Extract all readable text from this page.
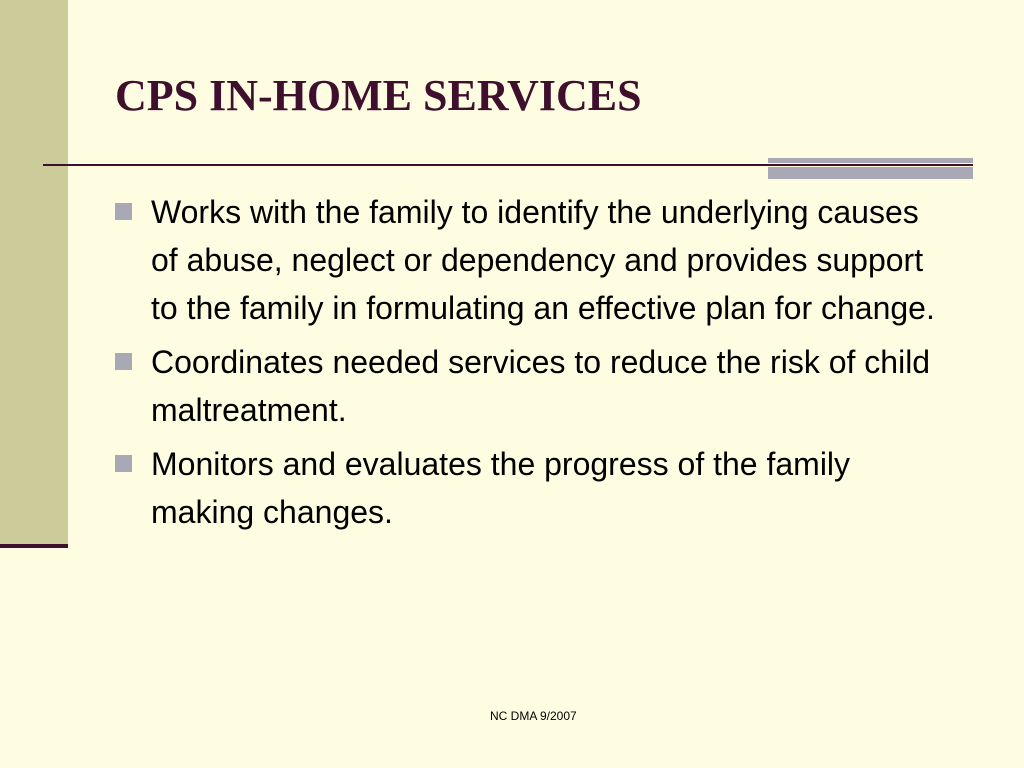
CPS IN-HOME SERVICES
Works with the family to identify the underlying causes of abuse, neglect or dependency and provides support to the family in formulating an effective plan for change.
Coordinates needed services to reduce the risk of child maltreatment.
Monitors and evaluates the progress of the family making changes.
NC DMA 9/2007
